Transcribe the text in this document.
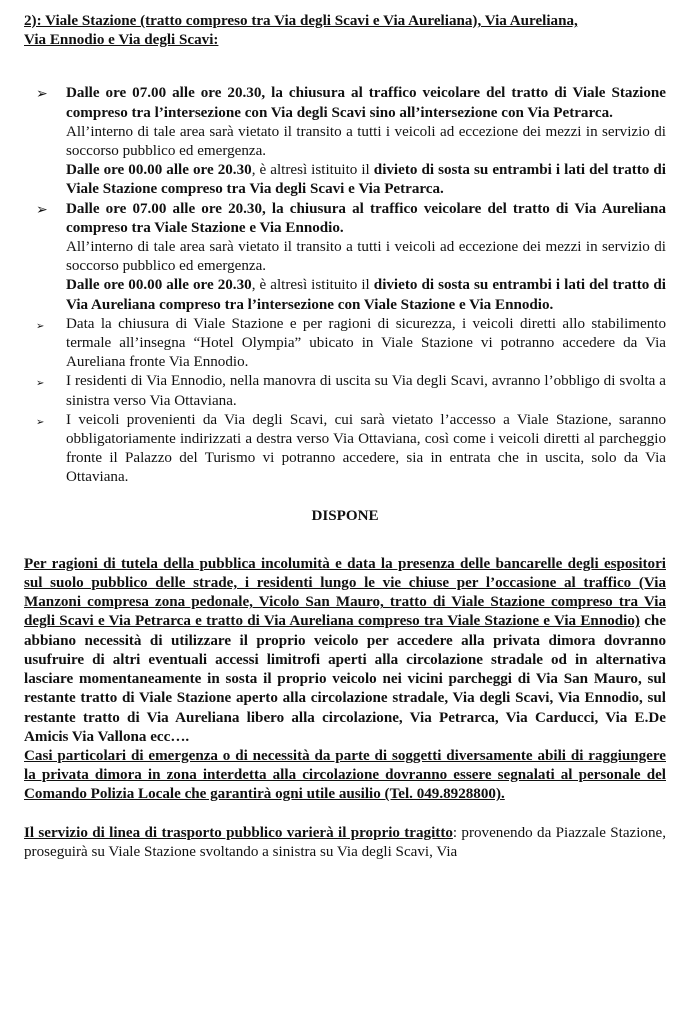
2): Viale Stazione (tratto compreso tra Via degli Scavi e Via Aureliana), Via Aureliana,

Via Ennodio e Via degli Scavi:

➢	Dalle ore 07.00 alle ore 20.30, la chiusura al traffico veicolare del tratto di Viale Stazione compreso tra l’intersezione con Via degli Scavi sino all’intersezione con Via Petrarca.

All’interno di tale area sarà vietato il transito a tutti i veicoli ad eccezione dei mezzi in servizio di soccorso pubblico ed emergenza.

Dalle ore 00.00 alle ore 20.30, è altresì istituito il divieto di sosta su entrambi i lati del tratto di Viale Stazione compreso tra Via degli Scavi e Via Petrarca.

➢	Dalle ore 07.00 alle ore 20.30, la chiusura al traffico veicolare del tratto di Via Aureliana compreso tra Viale Stazione e Via Ennodio.

All’interno di tale area sarà vietato il transito a tutti i veicoli ad eccezione dei mezzi in servizio di soccorso pubblico ed emergenza.

Dalle ore 00.00 alle ore 20.30, è altresì istituito il divieto di sosta su entrambi i lati del tratto di Via Aureliana compreso tra l’intersezione con Viale Stazione e Via Ennodio.

➢	Data la chiusura di Viale Stazione e per ragioni di sicurezza, i veicoli diretti allo stabilimento termale all’insegna “Hotel Olympia” ubicato in Viale Stazione vi potranno accedere da Via Aureliana fronte Via Ennodio.

➢	I residenti di Via Ennodio, nella manovra di uscita su Via degli Scavi, avranno l’obbligo di svolta a sinistra verso Via Ottaviana.

➢	I veicoli provenienti da Via degli Scavi, cui sarà vietato l’accesso a Viale Stazione, saranno obbligatoriamente indirizzati a destra verso Via Ottaviana, così come i veicoli diretti al parcheggio fronte il Palazzo del Turismo vi potranno accedere, sia in entrata che in uscita, solo da Via Ottaviana.

DISPONE

Per ragioni di tutela della pubblica incolumità e data la presenza delle bancarelle degli espositori sul suolo pubblico delle strade, i residenti lungo le vie chiuse per l’occasione al traffico (Via Manzoni compresa zona pedonale, Vicolo San Mauro, tratto di Viale Stazione compreso tra Via degli Scavi e Via Petrarca e tratto di Via Aureliana compreso tra Viale Stazione e Via Ennodio) che abbiano necessità di utilizzare il proprio veicolo per accedere alla privata dimora dovranno usufruire di altri eventuali accessi limitrofi aperti alla circolazione stradale od in alternativa lasciare momentaneamente in sosta il proprio veicolo nei vicini parcheggi di Via San Mauro, sul restante tratto di Viale Stazione aperto alla circolazione stradale, Via degli Scavi, Via Ennodio, sul restante tratto di Via Aureliana libero alla circolazione, Via Petrarca, Via Carducci, Via E.De Amicis Via Vallona ecc….

Casi particolari di emergenza o di necessità da parte di soggetti diversamente abili di raggiungere la privata dimora in zona interdetta alla circolazione dovranno essere segnalati al personale del Comando Polizia Locale che garantirà ogni utile ausilio (Tel. 049.8928800).

Il servizio di linea di trasporto pubblico varierà il proprio tragitto: provenendo da Piazzale Stazione, proseguirà su Viale Stazione svoltando a sinistra su Via degli Scavi, Via
